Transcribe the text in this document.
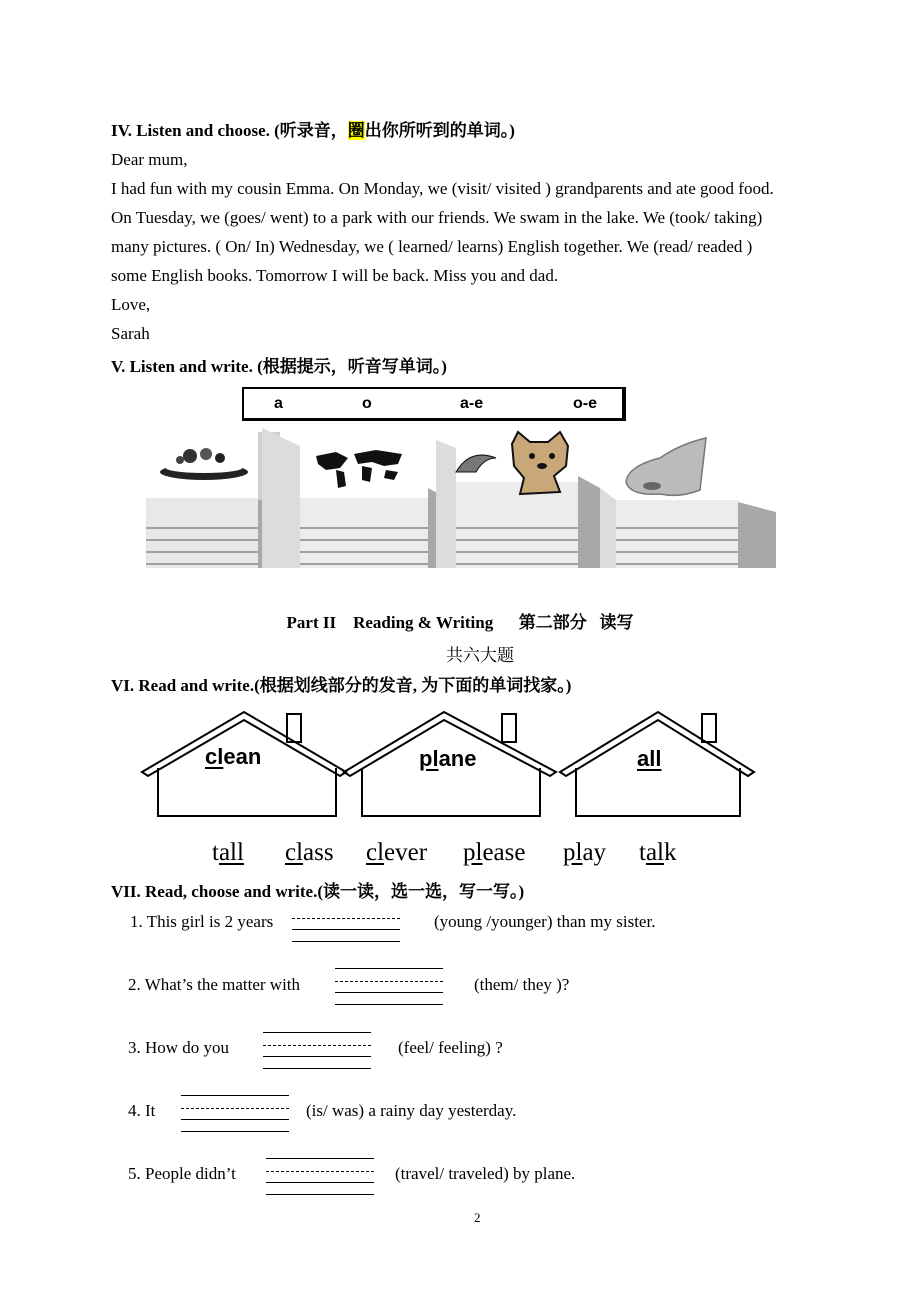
IV. Listen and choose. (听录音，圈出你所听到的单词。)
Dear mum,
I had fun with my cousin Emma. On Monday, we (visit/ visited ) grandparents and ate good food.
On Tuesday, we (goes/ went) to a park with our friends. We swam in the lake. We (took/ taking)
many pictures. ( On/ In) Wednesday, we ( learned/ learns) English together. We (read/ readed )
some English books. Tomorrow I will be back. Miss you and dad.
Love,
Sarah
V. Listen and write. (根据提示，听音写单词。)
a	o	a-e	o-e
Part II    Reading & Writing      第二部分   读写
共六大题
VI. Read and write.(根据划线部分的发音, 为下面的单词找家。)
clean	plane	all
tall class clever please play talk
VII. Read, choose and write.(读一读，选一选，写一写。)
1. This girl is 2 years	(young /younger) than my sister.
2. What’s the matter with	(them/ they )?
3. How do you	(feel/ feeling) ?
4. It	(is/ was) a rainy day yesterday.
5. People didn’t	(travel/ traveled) by plane.
2
